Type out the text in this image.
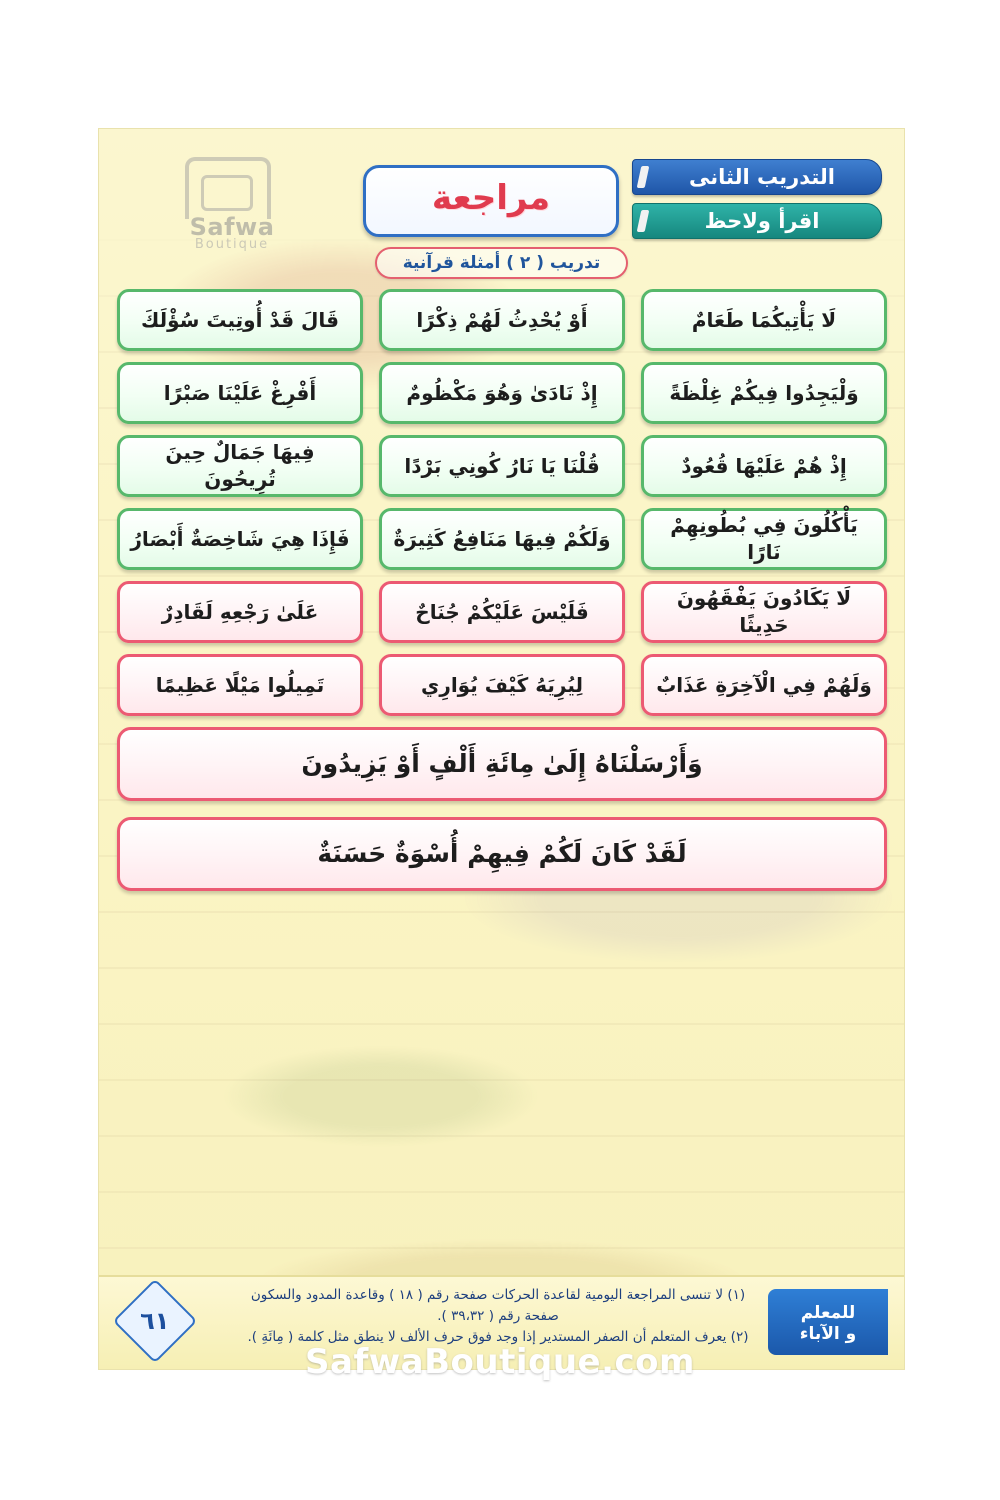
Safwa
Boutique
مراجعة
التدريب الثانى
اقرأ ولاحظ
تدريب ( ٢ ) أمثلة قرآنية
لَا يَأْتِيكُمَا طَعَامٌ
أَوْ يُحْدِثُ لَهُمْ ذِكْرًا
قَالَ قَدْ أُوتِيتَ سُؤْلَكَ
وَلْيَجِدُوا فِيكُمْ غِلْظَةً
إِذْ نَادَىٰ وَهُوَ مَكْظُومٌ
أَفْرِغْ عَلَيْنَا صَبْرًا
إِذْ هُمْ عَلَيْهَا قُعُودٌ
قُلْنَا يَا نَارُ كُونِي بَرْدًا
فِيهَا جَمَالٌ حِينَ تُرِيحُونَ
يَأْكُلُونَ فِي بُطُونِهِمْ نَارًا
وَلَكُمْ فِيهَا مَنَافِعُ كَثِيرَةٌ
فَإِذَا هِيَ شَاخِصَةٌ أَبْصَارُ
لَا يَكَادُونَ يَفْقَهُونَ حَدِيثًا
فَلَيْسَ عَلَيْكُمْ جُنَاحٌ
عَلَىٰ رَجْعِهِ لَقَادِرٌ
وَلَهُمْ فِي الْآخِرَةِ عَذَابٌ
لِيُرِيَهُ كَيْفَ يُوَارِي
تَمِيلُوا مَيْلًا عَظِيمًا
وَأَرْسَلْنَاهُ إِلَىٰ مِائَةِ أَلْفٍ أَوْ يَزِيدُونَ
لَقَدْ كَانَ لَكُمْ فِيهِمْ أُسْوَةٌ حَسَنَةٌ
للمعلم
و الآباء
(١) لا تنسى المراجعة اليومية لقاعدة الحركات صفحة رقم ( ١٨ ) وقاعدة المدود والسكون صفحة رقم ( ٣٩،٣٢ ).
(٢) يعرف المتعلم أن الصفر المستدير إذا وجد فوق حرف الألف لا ينطق مثل كلمة ( مِائَةِ ).
٦١
SafwaBoutique.com
